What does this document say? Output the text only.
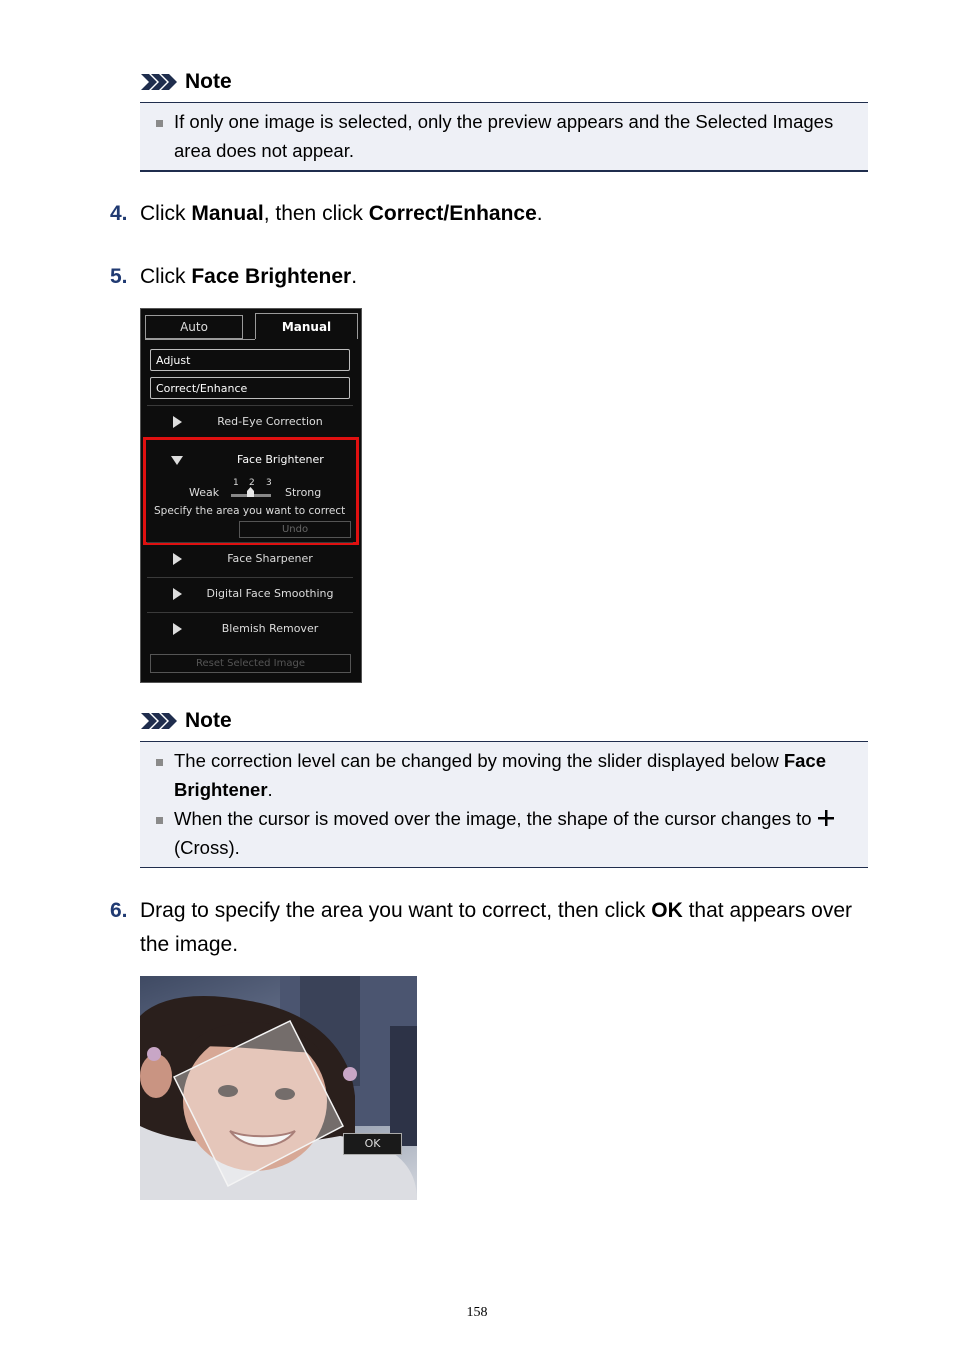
Note
If only one image is selected, only the preview appears and the Selected Images area does not appear.
4. Click Manual, then click Correct/Enhance.
5. Click Face Brightener.
Auto	Manual
Adjust
Correct/Enhance
Red-Eye Correction
Face Brightener
1 2 3
Weak	Strong
Specify the area you want to correct
Undo
Face Sharpener
Digital Face Smoothing
Blemish Remover
Reset Selected Image
Note
The correction level can be changed by moving the slider displayed below Face Brightener.
When the cursor is moved over the image, the shape of the cursor changes to
(Cross).
6. Drag to specify the area you want to correct, then click OK that appears over the image.
OK
158
